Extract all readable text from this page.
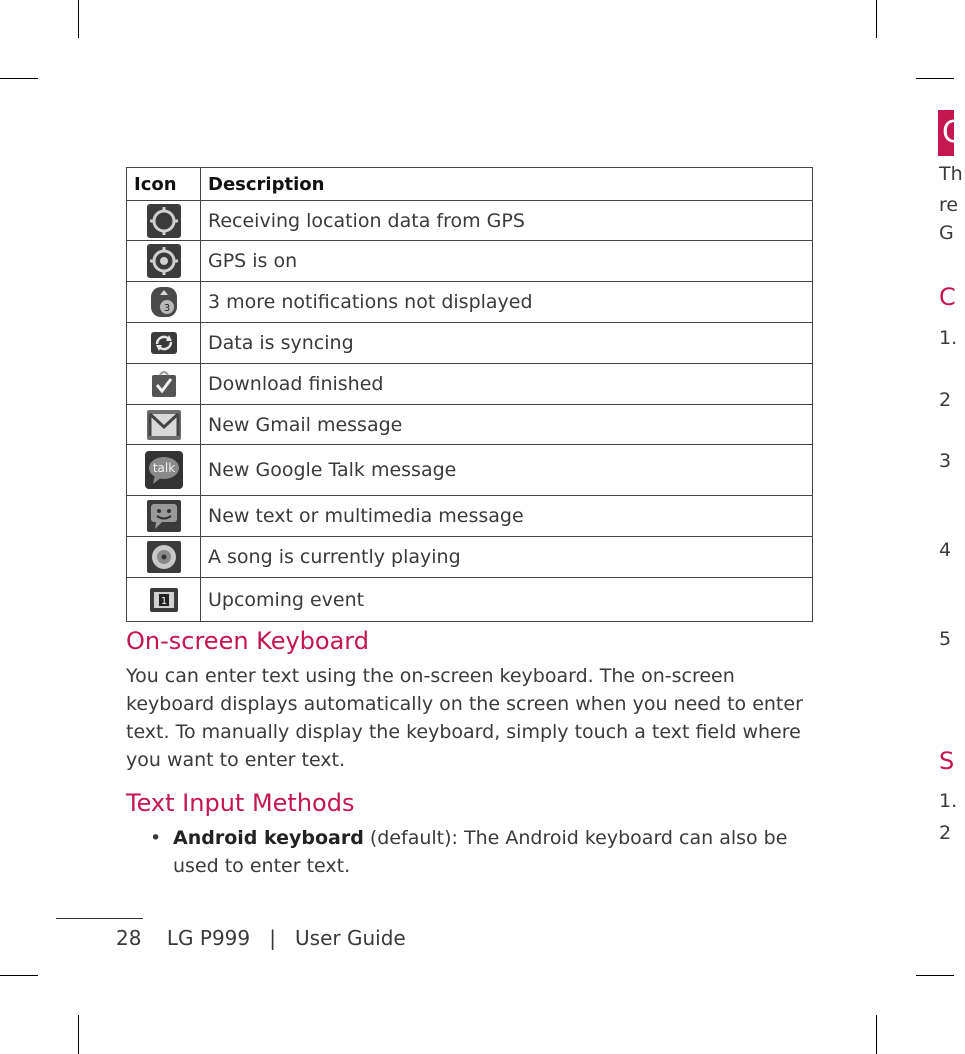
Icon	Description
	Receiving location data from GPS
	GPS is on

3	3 more notifications not displayed
	Data is syncing
	Download finished
	New Gmail message

talk	New Google Talk message
	New text or multimedia message
	A song is currently playing

1	Upcoming event
On-screen Keyboard

You can enter text using the on-screen keyboard. The on-screen keyboard displays automatically on the screen when you need to enter text. To manually display the keyboard, simply touch a text field where you want to enter text.

Text Input Methods
• Android keyboard (default): The Android keyboard can also be used to enter text.

28 LG P999 | User Guide
G
Th
re
G
C
1.
2
3
4
5
S
1.
2
